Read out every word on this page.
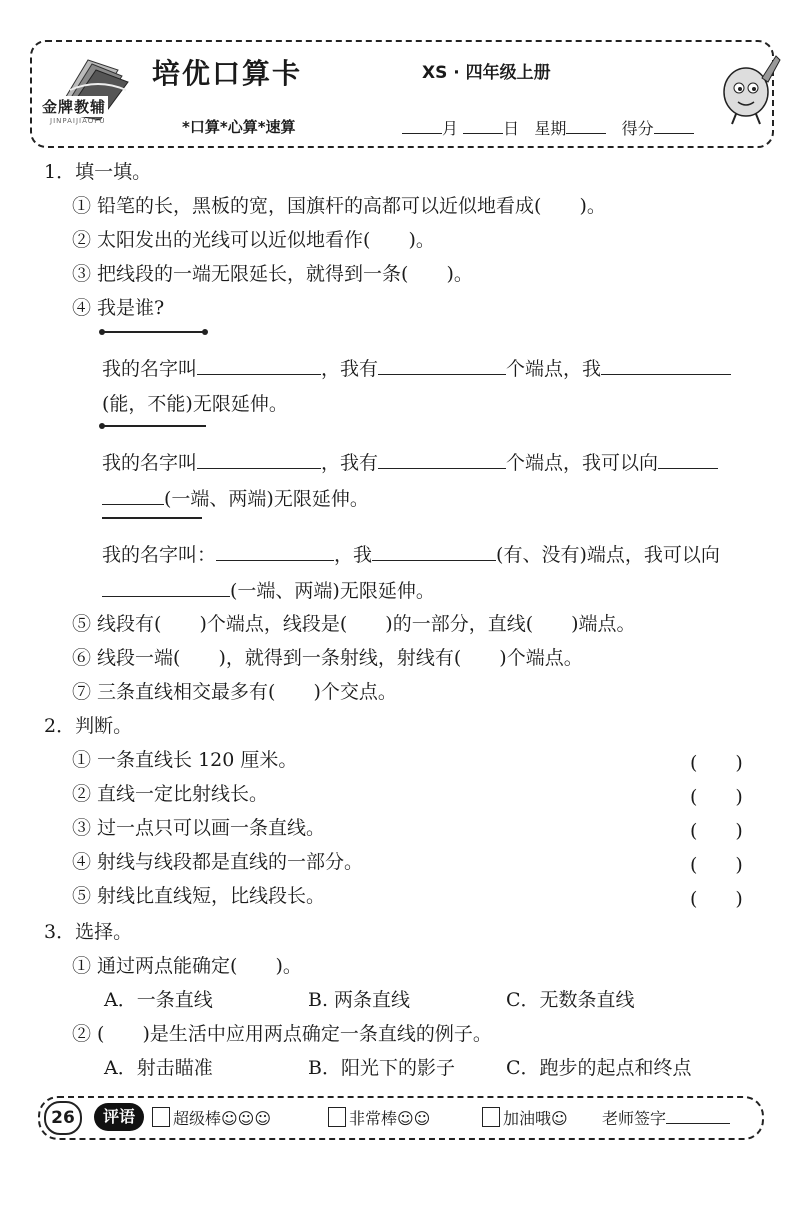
金牌教辅
JINPAIJIAOFU
培优口算卡	XS · 四年级上册
*口算*心算*速算	月	日 星期	得分
1．填一填。
① 铅笔的长，黑板的宽，国旗杆的高都可以近似地看成(　　)。
② 太阳发出的光线可以近似地看作(　　)。
③ 把线段的一端无限延长，就得到一条(　　)。
④ 我是谁?
我的名字叫	，我有	个端点，我
(能，不能)无限延伸。
我的名字叫	，我有	个端点，我可以向
(一端、两端)无限延伸。
我的名字叫：	，我	(有、没有)端点，我可以向
(一端、两端)无限延伸。
⑤ 线段有(　　)个端点，线段是(　　)的一部分，直线(　　)端点。
⑥ 线段一端(　　)，就得到一条射线，射线有(　　)个端点。
⑦ 三条直线相交最多有(　　)个交点。
2．判断。
① 一条直线长 120 厘米。	(　　)
② 直线一定比射线长。	(　　)
③ 过一点只可以画一条直线。	(　　)
④ 射线与线段都是直线的一部分。	(　　)
⑤ 射线比直线短，比线段长。	(　　)
3．选择。
① 通过两点能确定(　　)。
A．一条直线	B. 两条直线	C．无数条直线
② (　　)是生活中应用两点确定一条直线的例子。
A．射击瞄准	B．阳光下的影子	C．跑步的起点和终点
26	评语	超级棒☺☺☺	非常棒☺☺	加油哦☺ 老师签字
